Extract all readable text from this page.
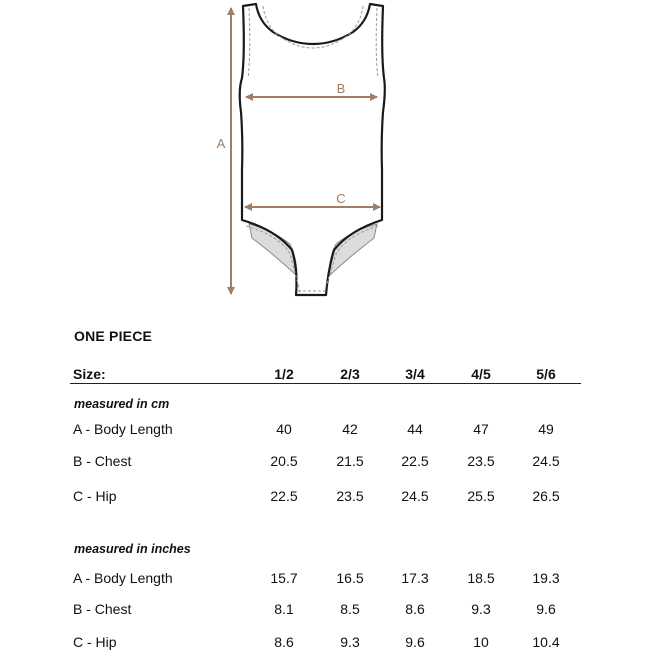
A
B
C
ONE PIECE
Size:	1/2	2/3	3/4	4/5	5/6
measured in cm
A - Body Length	40	42	44	47	49
B - Chest	20.5	21.5	22.5	23.5	24.5
C - Hip	22.5	23.5	24.5	25.5	26.5
measured in inches
A - Body Length	15.7	16.5	17.3	18.5	19.3
B - Chest	8.1	8.5	8.6	9.3	9.6
C - Hip	8.6	9.3	9.6	10	10.4
